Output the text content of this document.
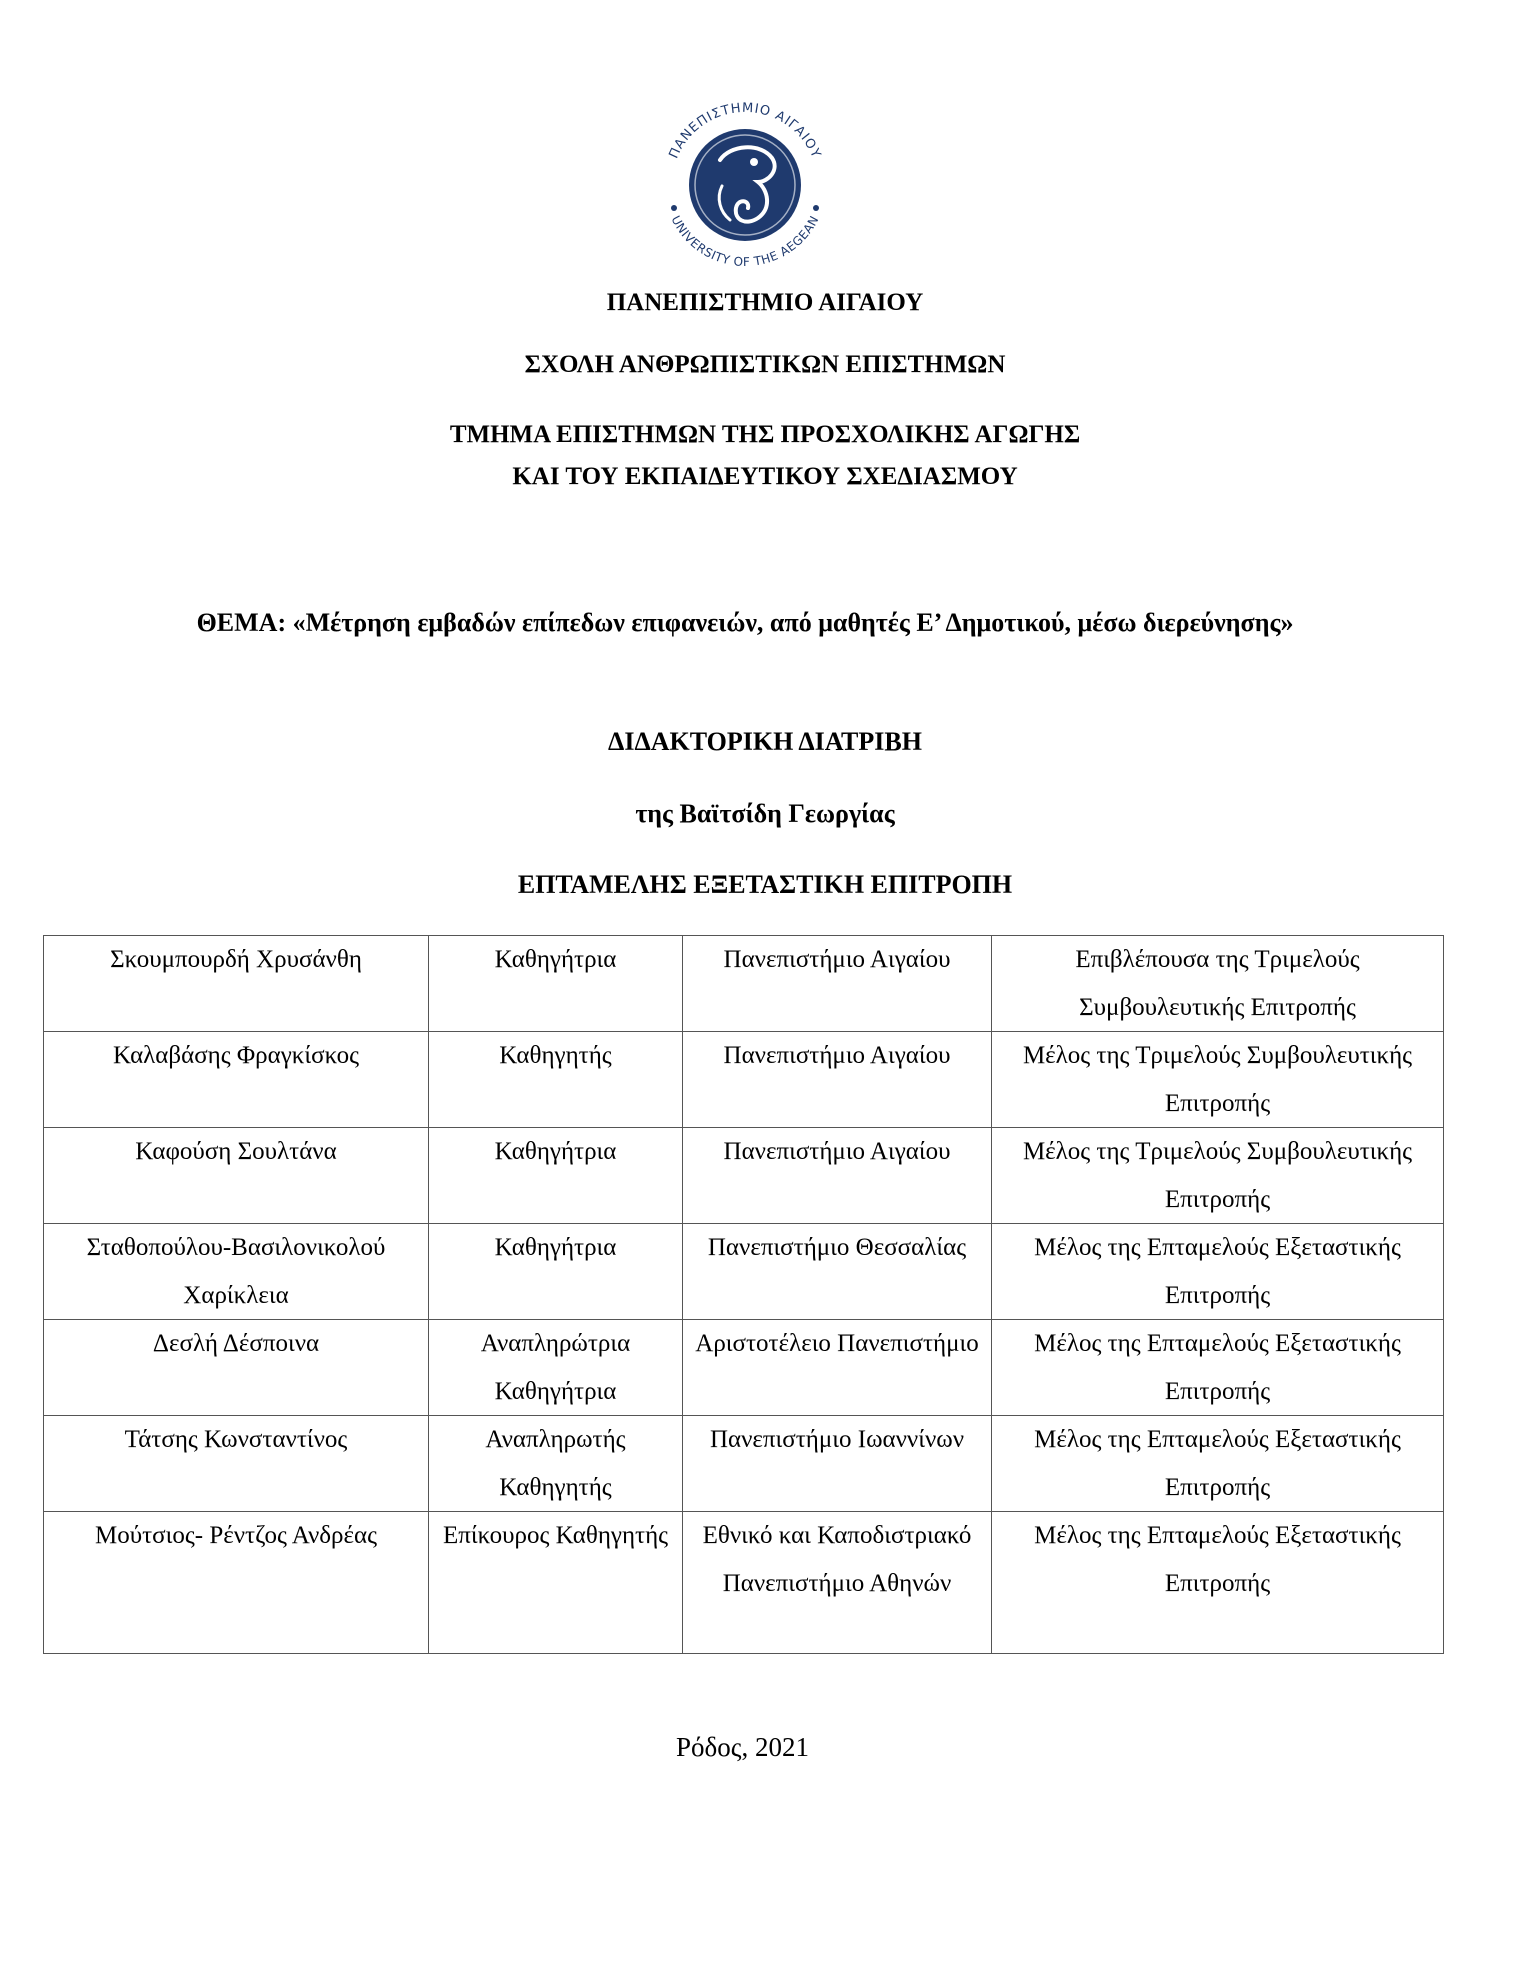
ΠΑΝΕΠΙΣΤΗΜΙΟ ΑΙΓΑΙΟΥ
UNIVERSITY OF THE AEGEAN
ΠΑΝΕΠΙΣΤΗΜΙΟ ΑΙΓΑΙΟΥ
ΣΧΟΛΗ ΑΝΘΡΩΠΙΣΤΙΚΩΝ ΕΠΙΣΤΗΜΩΝ
ΤΜΗΜΑ ΕΠΙΣΤΗΜΩΝ ΤΗΣ ΠΡΟΣΧΟΛΙΚΗΣ ΑΓΩΓΗΣ
ΚΑΙ ΤΟΥ ΕΚΠΑΙΔΕΥΤΙΚΟΥ ΣΧΕΔΙΑΣΜΟΥ
ΘΕΜΑ: «Μέτρηση εμβαδών επίπεδων επιφανειών, από μαθητές Ε’ Δημοτικού, μέσω διερεύνησης»
ΔΙΔΑΚΤΟΡΙΚΗ ΔΙΑΤΡΙΒΗ
της Βαϊτσίδη Γεωργίας
ΕΠΤΑΜΕΛΗΣ ΕΞΕΤΑΣΤΙΚΗ ΕΠΙΤΡΟΠΗ
Σκουμπουρδή Χρυσάνθη	Καθηγήτρια	Πανεπιστήμιο Αιγαίου	Επιβλέπουσα της Τριμελούς Συμβουλευτικής Επιτροπής
Καλαβάσης Φραγκίσκος	Καθηγητής	Πανεπιστήμιο Αιγαίου	Μέλος της Τριμελούς Συμβουλευτικής Επιτροπής
Καφούση Σουλτάνα	Καθηγήτρια	Πανεπιστήμιο Αιγαίου	Μέλος της Τριμελούς Συμβουλευτικής Επιτροπής
Σταθοπούλου-Βασιλονικολού Χαρίκλεια	Καθηγήτρια	Πανεπιστήμιο Θεσσαλίας	Μέλος της Επταμελούς Εξεταστικής Επιτροπής
Δεσλή Δέσποινα	Αναπληρώτρια Καθηγήτρια	Αριστοτέλειο Πανεπιστήμιο	Μέλος της Επταμελούς Εξεταστικής Επιτροπής
Τάτσης Κωνσταντίνος	Αναπληρωτής Καθηγητής	Πανεπιστήμιο Ιωαννίνων	Μέλος της Επταμελούς Εξεταστικής Επιτροπής
Μούτσιος- Ρέντζος Ανδρέας	Επίκουρος Καθηγητής	Εθνικό και Καποδιστριακό Πανεπιστήμιο Αθηνών	Μέλος της Επταμελούς Εξεταστικής Επιτροπής
Ρόδος, 2021
